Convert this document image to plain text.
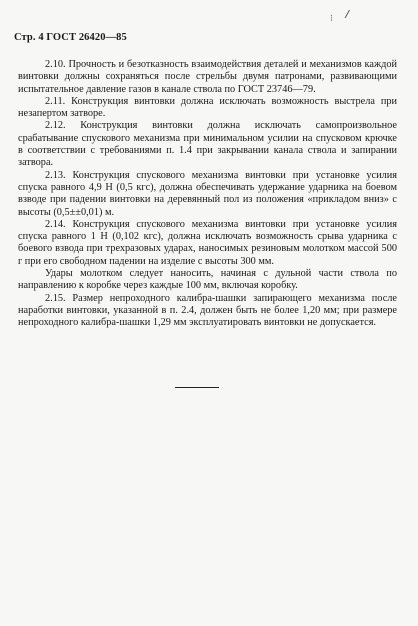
⁝ /
Стр. 4 ГОСТ 26420—85

2.10. Прочность и безотказность взаимодействия деталей и механизмов каждой винтовки должны сохраняться после стрельбы двумя патронами, развивающими испытательное давление газов в канале ствола по ГОСТ 23746—79.

2.11. Конструкция винтовки должна исключать возможность выстрела при незапертом затворе.

2.12. Конструкция винтовки должна исключать самопроизвольное срабатывание спускового механизма при минимальном усилии на спусковом крючке в соответствии с требованиями п. 1.4 при закрывании канала ствола и запирании затвора.

2.13. Конструкция спускового механизма винтовки при установке усилия спуска равного 4,9 Н (0,5 кгс), должна обеспечивать удержание ударника на боевом взводе при падении винтовки на деревянный пол из положения «прикладом вниз» с высоты (0,5±±0,01) м.

2.14. Конструкция спускового механизма винтовки при установке усилия спуска равного 1 Н (0,102 кгс), должна исключать возможность срыва ударника с боевого взвода при трехразовых ударах, наносимых резиновым молотком массой 500 г при его свободном падении на изделие с высоты 300 мм.

Удары молотком следует наносить, начиная с дульной части ствола по направлению к коробке через каждые 100 мм, включая коробку.

2.15. Размер непроходного калибра-шашки запирающего механизма после наработки винтовки, указанной в п. 2.4, должен быть не более 1,20 мм; при размере непроходного калибра-шашки 1,29 мм эксплуатировать винтовки не допускается.
